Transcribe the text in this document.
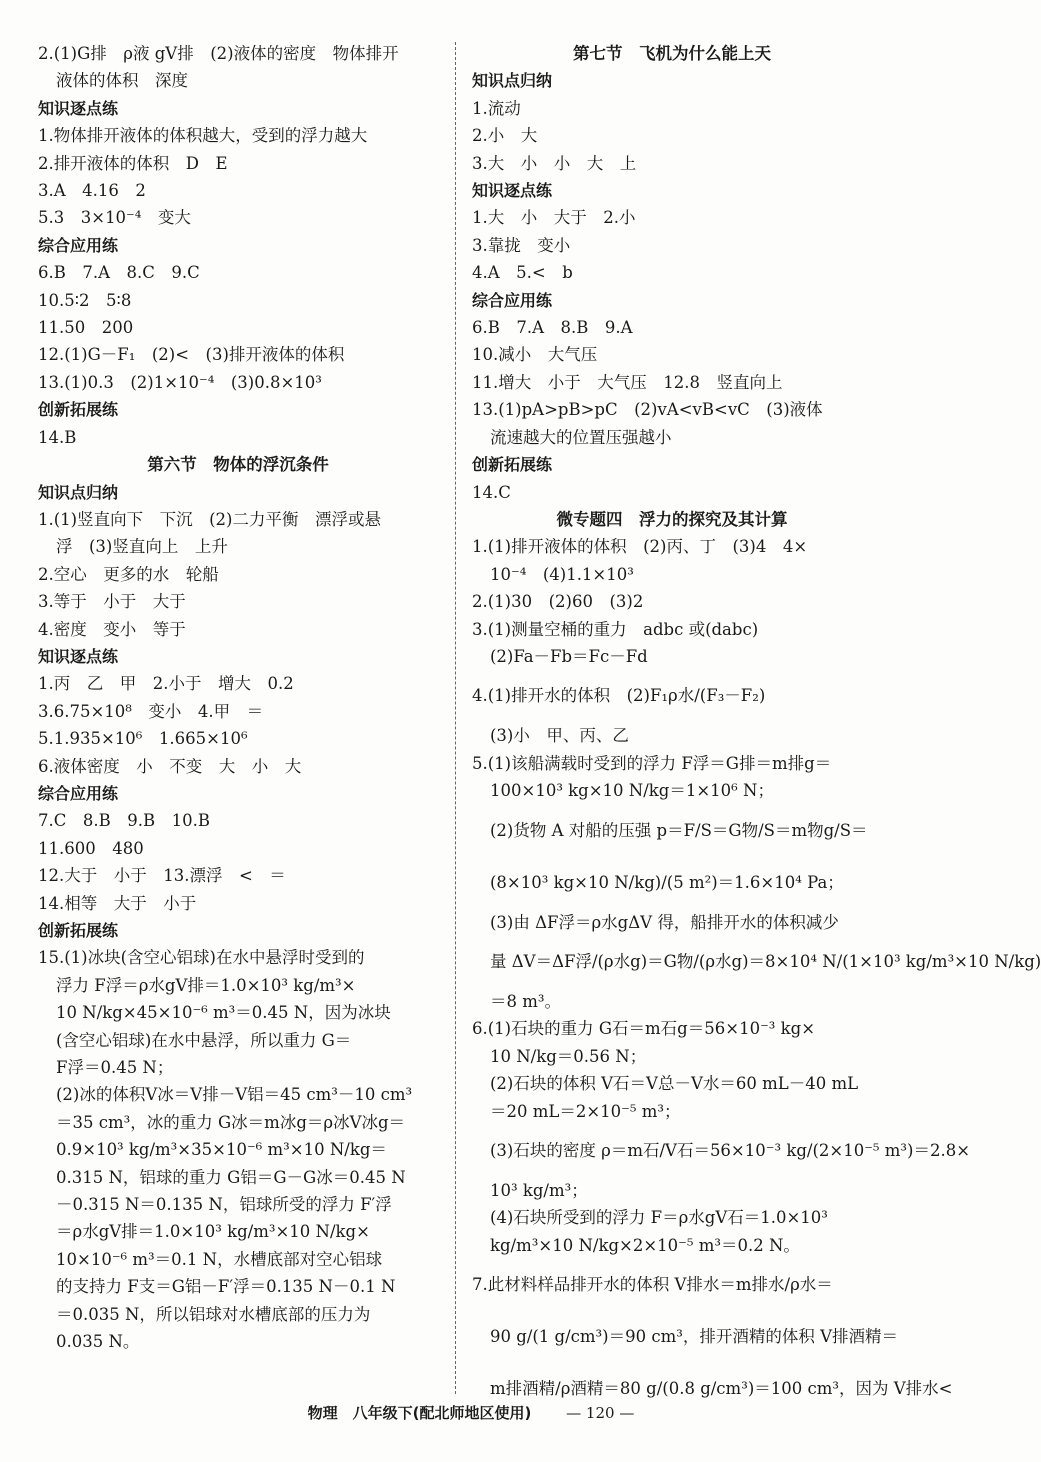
2.(1)G排　ρ液 gV排　(2)液体的密度　物体排开
液体的体积　深度
知识逐点练
1.物体排开液体的体积越大，受到的浮力越大
2.排开液体的体积　D　E
3.A　4.16　2
5.3　3×10⁻⁴　变大
综合应用练
6.B　7.A　8.C　9.C
10.5∶2　5∶8
11.50　200
12.(1)G－F₁　(2)<　(3)排开液体的体积
13.(1)0.3　(2)1×10⁻⁴　(3)0.8×10³
创新拓展练
14.B
第六节　物体的浮沉条件
知识点归纳
1.(1)竖直向下　下沉　(2)二力平衡　漂浮或悬
浮　(3)竖直向上　上升
2.空心　更多的水　轮船
3.等于　小于　大于
4.密度　变小　等于
知识逐点练
1.丙　乙　甲　2.小于　增大　0.2
3.6.75×10⁸　变小　4.甲　＝
5.1.935×10⁶　1.665×10⁶
6.液体密度　小　不变　大　小　大
综合应用练
7.C　8.B　9.B　10.B
11.600　480
12.大于　小于　13.漂浮　<　＝
14.相等　大于　小于
创新拓展练
15.(1)冰块(含空心铝球)在水中悬浮时受到的
浮力 F浮＝ρ水gV排＝1.0×10³ kg/m³×
10 N/kg×45×10⁻⁶ m³＝0.45 N，因为冰块
(含空心铝球)在水中悬浮，所以重力 G＝
F浮＝0.45 N；
(2)冰的体积V冰＝V排－V铝＝45 cm³－10 cm³
＝35 cm³，冰的重力 G冰＝m冰g＝ρ冰V冰g＝
0.9×10³ kg/m³×35×10⁻⁶ m³×10 N/kg＝
0.315 N，铝球的重力 G铝＝G－G冰＝0.45 N
－0.315 N＝0.135 N，铝球所受的浮力 F′浮
＝ρ水gV排＝1.0×10³ kg/m³×10 N/kg×
10×10⁻⁶ m³＝0.1 N，水槽底部对空心铝球
的支持力 F支＝G铝－F′浮＝0.135 N－0.1 N
＝0.035 N，所以铝球对水槽底部的压力为
0.035 N。
第七节　飞机为什么能上天
知识点归纳
1.流动
2.小　大
3.大　小　小　大　上
知识逐点练
1.大　小　大于　2.小
3.靠拢　变小
4.A　5.<　b
综合应用练
6.B　7.A　8.B　9.A
10.减小　大气压
11.增大　小于　大气压　12.8　竖直向上
13.(1)pA>pB>pC　(2)vA<vB<vC　(3)液体
流速越大的位置压强越小
创新拓展练
14.C
微专题四　浮力的探究及其计算
1.(1)排开液体的体积　(2)丙、丁　(3)4　4×
10⁻⁴　(4)1.1×10³
2.(1)30　(2)60　(3)2
3.(1)测量空桶的重力　adbc 或(dabc)
(2)Fa－Fb＝Fc－Fd
4.(1)排开水的体积　(2)F₁ρ水/(F₃－F₂)
(3)小　甲、丙、乙
5.(1)该船满载时受到的浮力 F浮＝G排＝m排g＝
100×10³ kg×10 N/kg＝1×10⁶ N；
(2)货物 A 对船的压强 p＝F/S＝G物/S＝m物g/S＝
(8×10³ kg×10 N/kg)/(5 m²)＝1.6×10⁴ Pa；
(3)由 ΔF浮＝ρ水gΔV 得，船排开水的体积减少
量 ΔV＝ΔF浮/(ρ水g)＝G物/(ρ水g)＝8×10⁴ N/(1×10³ kg/m³×10 N/kg)
＝8 m³。
6.(1)石块的重力 G石＝m石g＝56×10⁻³ kg×
10 N/kg＝0.56 N；
(2)石块的体积 V石＝V总－V水＝60 mL－40 mL
＝20 mL＝2×10⁻⁵ m³；
(3)石块的密度 ρ＝m石/V石＝56×10⁻³ kg/(2×10⁻⁵ m³)＝2.8×
10³ kg/m³；
(4)石块所受到的浮力 F＝ρ水gV石＝1.0×10³
kg/m³×10 N/kg×2×10⁻⁵ m³＝0.2 N。
7.此材料样品排开水的体积 V排水＝m排水/ρ水＝
90 g/(1 g/cm³)＝90 cm³，排开酒精的体积 V排酒精＝
m排酒精/ρ酒精＝80 g/(0.8 g/cm³)＝100 cm³，因为 V排水<
物理　八年级下(配北师地区使用) — 120 —
